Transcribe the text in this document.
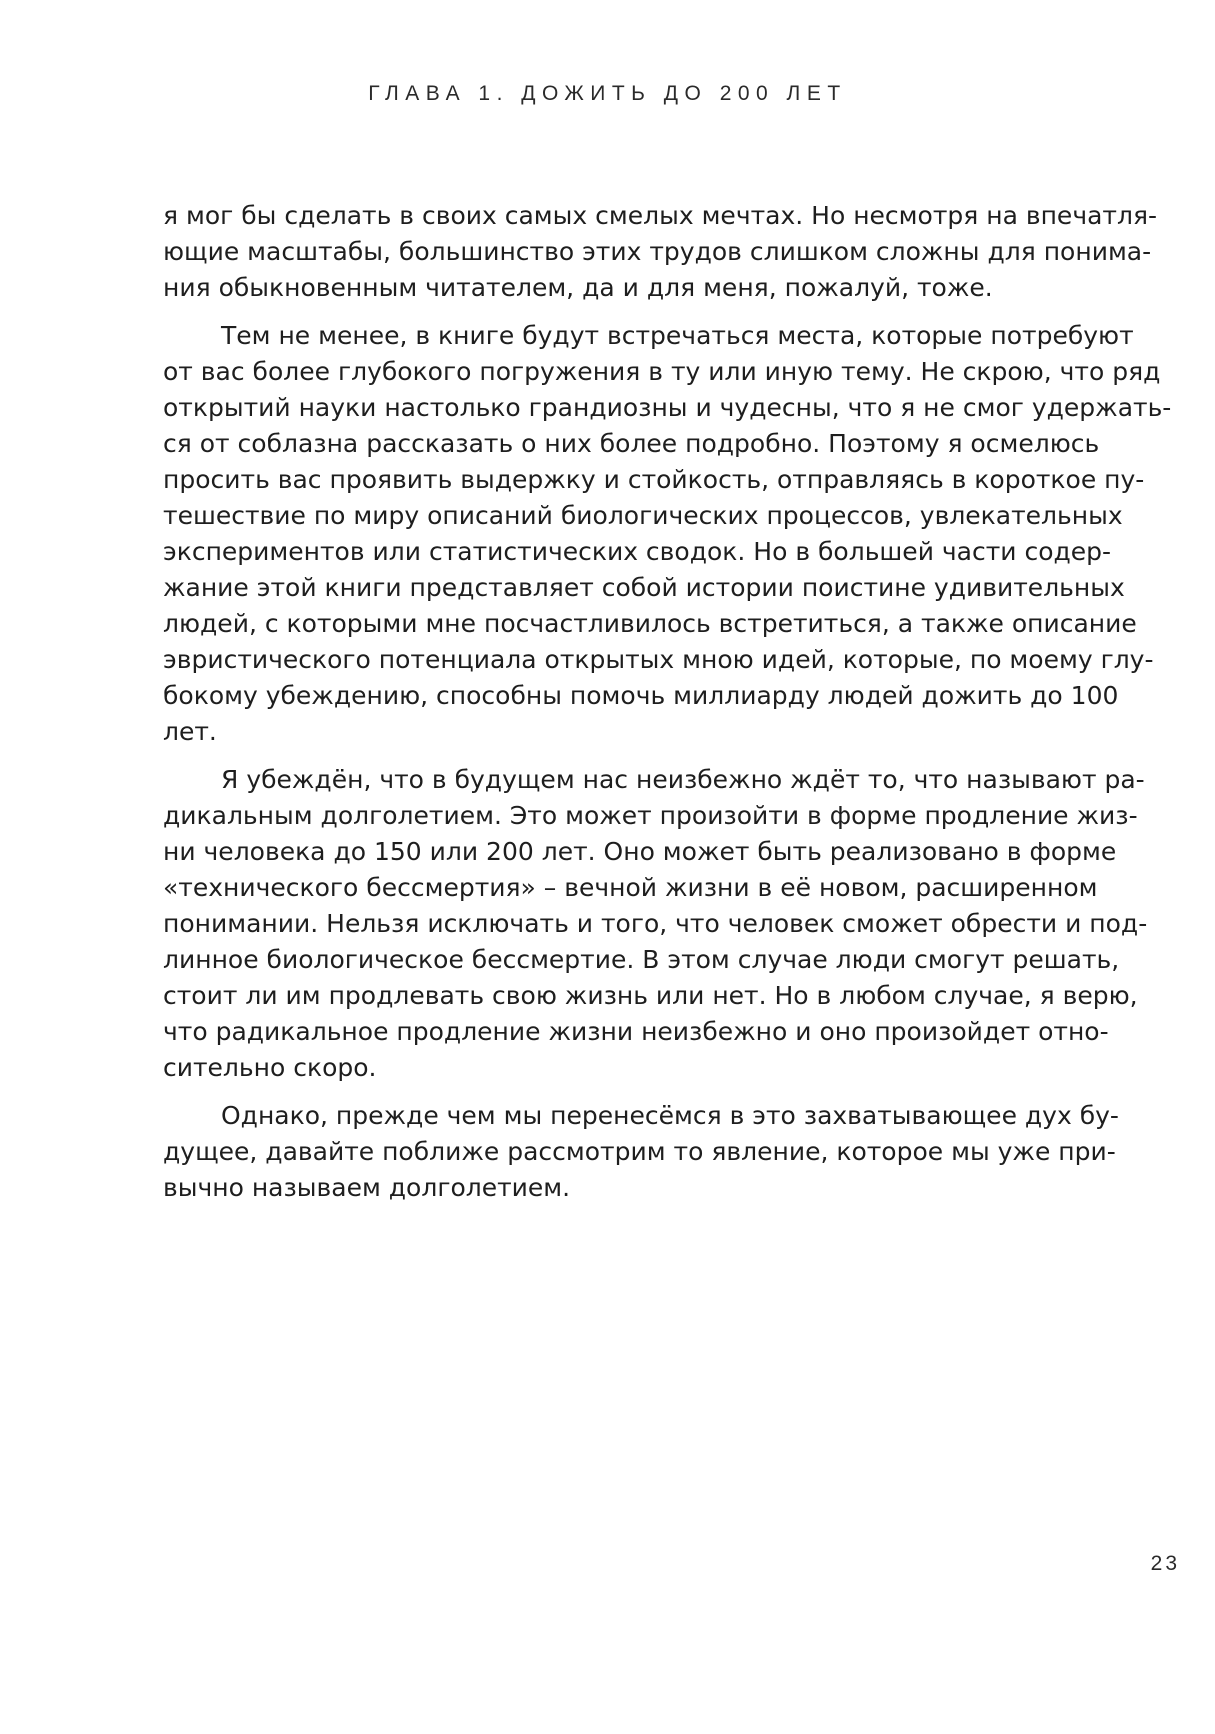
ГЛАВА 1. ДОЖИТЬ ДО 200 ЛЕТ
я мог бы сделать в своих самых смелых мечтах. Но несмотря на впечатля-
ющие масштабы, большинство этих трудов слишком сложны для понима-
ния обыкновенным читателем, да и для меня, пожалуй, тоже.
Тем не менее, в книге будут встречаться места, которые потребуют
от вас более глубокого погружения в ту или иную тему. Не скрою, что ряд
открытий науки настолько грандиозны и чудесны, что я не смог удержать-
ся от соблазна рассказать о них более подробно. Поэтому я осмелюсь
просить вас проявить выдержку и стойкость, отправляясь в короткое пу-
тешествие по миру описаний биологических процессов, увлекательных
экспериментов или статистических сводок. Но в большей части содер-
жание этой книги представляет собой истории поистине удивительных
людей, с которыми мне посчастливилось встретиться, а также описание
эвристического потенциала открытых мною идей, которые, по моему глу-
бокому убеждению, способны помочь миллиарду людей дожить до 100
лет.
Я убеждён, что в будущем нас неизбежно ждёт то, что называют ра-
дикальным долголетием. Это может произойти в форме продление жиз-
ни человека до 150 или 200 лет. Оно может быть реализовано в форме
«технического бессмертия» – вечной жизни в её новом, расширенном
понимании. Нельзя исключать и того, что человек сможет обрести и под-
линное биологическое бессмертие. В этом случае люди смогут решать,
стоит ли им продлевать свою жизнь или нет. Но в любом случае, я верю,
что радикальное продление жизни неизбежно и оно произойдет отно-
сительно скоро.
Однако, прежде чем мы перенесёмся в это захватывающее дух бу-
дущее, давайте поближе рассмотрим то явление, которое мы уже при-
вычно называем долголетием.
23
